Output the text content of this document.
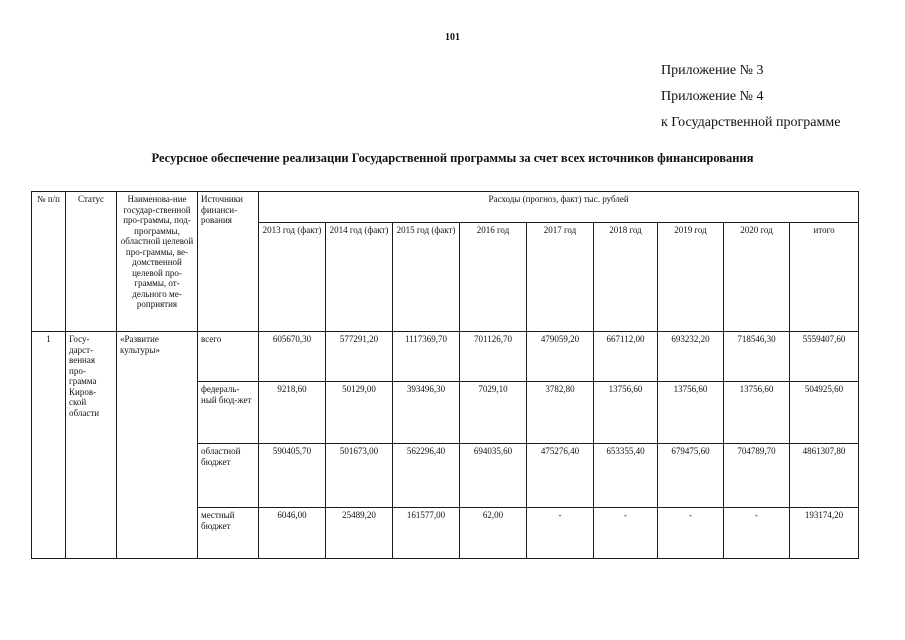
101
Приложение № 3
Приложение № 4
к Государственной программе
Ресурсное обеспечение реализации Государственной программы за счет всех источников финансирования
№ п/п	Статус	Наименова-ние государ-ственной про-граммы, под-программы, областной целевой про-граммы, ве-домственной целевой про-граммы, от-дельного ме-роприятия	Источники финанси-рования	Расходы (прогноз, факт) тыс. рублей								
				2013 год (факт)	2014 год (факт)	2015 год (факт)	2016 год	2017 год	2018 год	2019 год	2020 год	итого
1	Госу-дарст-венная про-грамма Киров-ской области	«Развитие культуры»	всего	605670,30	577291,20	1117369,70	701126,70	479059,20	667112,00	693232,20	718546,30	5559407,60
			федераль-ный бюд-жет	9218,60	50129,00	393496,30	7029,10	3782,80	13756,60	13756,60	13756,60	504925,60
			областной бюджет	590405,70	501673,00	562296,40	694035,60	475276,40	653355,40	679475,60	704789,70	4861307,80
			местный бюджет	6046,00	25489,20	161577,00	62,00	-	-	-	-	193174,20
